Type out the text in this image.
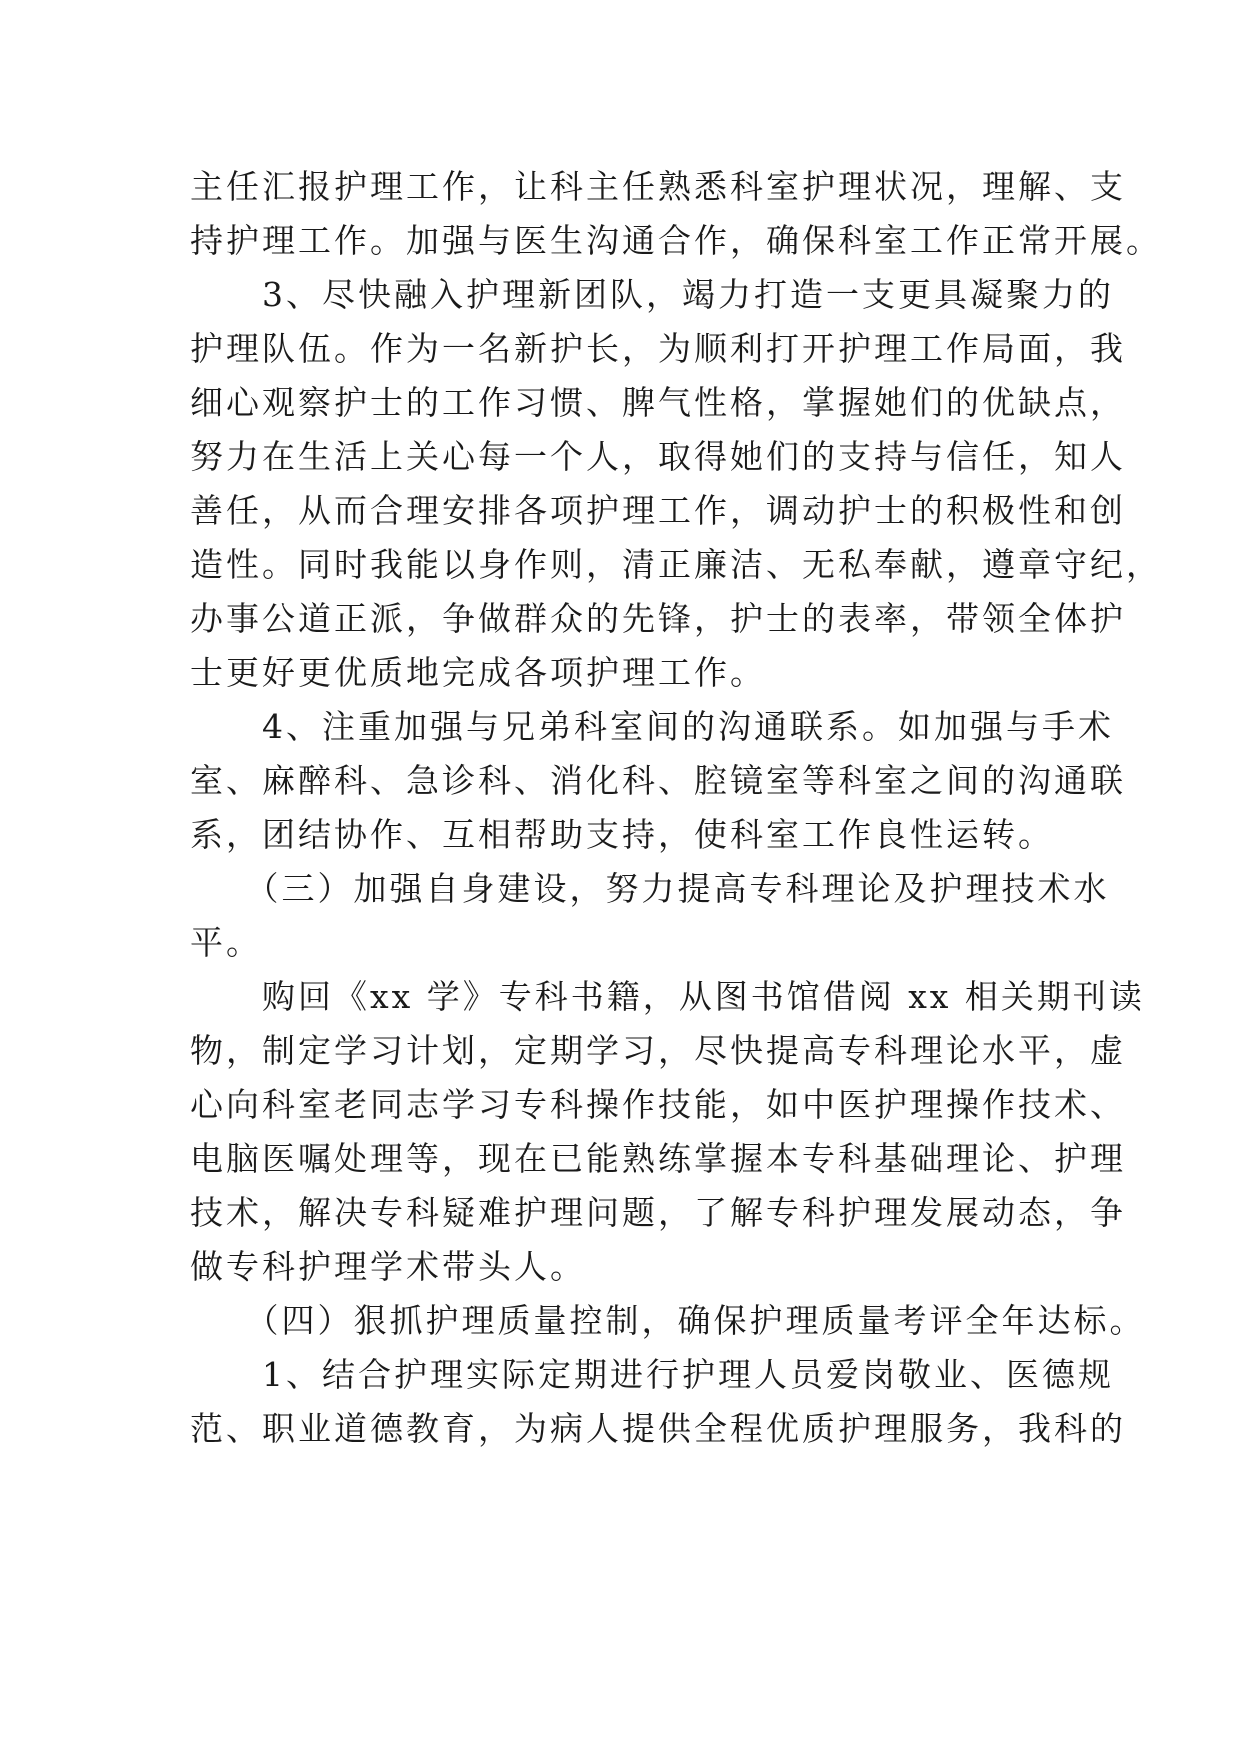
主任汇报护理工作，让科主任熟悉科室护理状况，理解、支
持护理工作。加强与医生沟通合作，确保科室工作正常开展。
　　3、尽快融入护理新团队，竭力打造一支更具凝聚力的
护理队伍。作为一名新护长，为顺利打开护理工作局面，我
细心观察护士的工作习惯、脾气性格，掌握她们的优缺点，
努力在生活上关心每一个人，取得她们的支持与信任，知人
善任，从而合理安排各项护理工作，调动护士的积极性和创
造性。同时我能以身作则，清正廉洁、无私奉献，遵章守纪，
办事公道正派，争做群众的先锋，护士的表率，带领全体护
士更好更优质地完成各项护理工作。
　　4、注重加强与兄弟科室间的沟通联系。如加强与手术
室、麻醉科、急诊科、消化科、腔镜室等科室之间的沟通联
系，团结协作、互相帮助支持，使科室工作良性运转。
　　（三）加强自身建设，努力提高专科理论及护理技术水
平。
　　购回《xx 学》专科书籍，从图书馆借阅 xx 相关期刊读
物，制定学习计划，定期学习，尽快提高专科理论水平，虚
心向科室老同志学习专科操作技能，如中医护理操作技术、
电脑医嘱处理等，现在已能熟练掌握本专科基础理论、护理
技术，解决专科疑难护理问题，了解专科护理发展动态，争
做专科护理学术带头人。
　　（四）狠抓护理质量控制，确保护理质量考评全年达标。
　　1、结合护理实际定期进行护理人员爱岗敬业、医德规
范、职业道德教育，为病人提供全程优质护理服务，我科的
